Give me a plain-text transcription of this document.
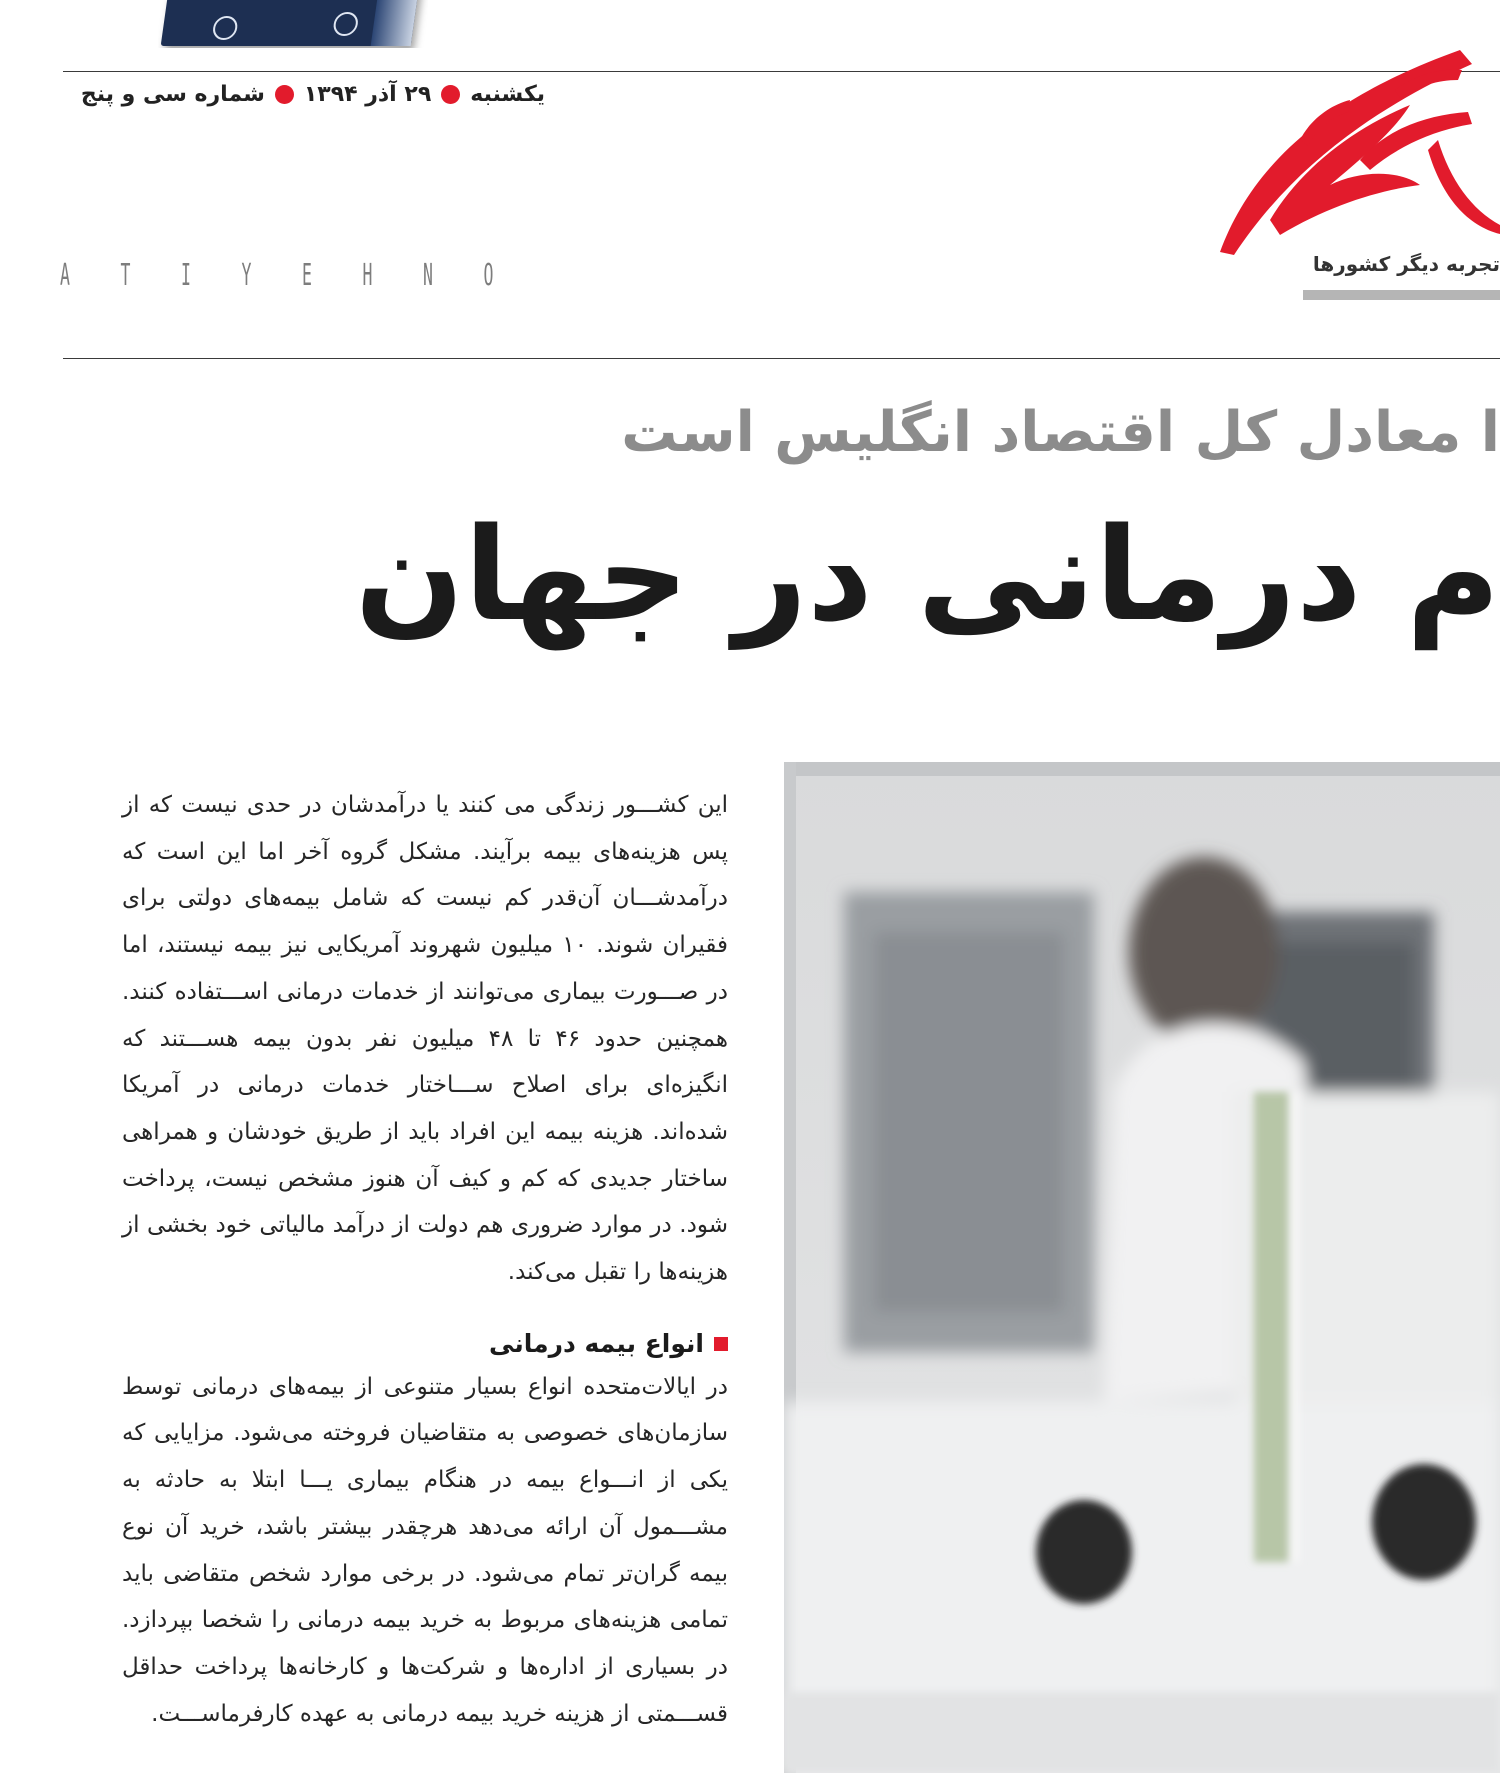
یکشنبه
۲۹ آذر ۱۳۹۴
شماره سی و پنج
تجربه دیگر کشورها
A	T	I	Y	E	H	N	O
ا معادل کل اقتصاد انگلیس است
م درمانی در جهان

این کشـــور زندگی می کنند یا درآمدشان در حدی نیست که از پس هزینه‌های بیمه برآیند. مشکل گروه آخر اما این است که درآمدشـــان آن‌قدر کم نیست که شامل بیمه‌های دولتی برای فقیران شوند. ۱۰ میلیون شهروند آمریکایی نیز بیمه نیستند، اما در صـــورت بیماری می‌توانند از خدمات درمانی اســـتفاده کنند. همچنین حدود ۴۶ تا ۴۸ میلیون نفر بدون بیمه هســـتند که انگیزه‌ای برای اصلاح ســـاختار خدمات درمانی در آمریکا شده‌اند. هزینه بیمه این افراد باید از طریق خودشان و همراهی ساختار جدیدی که کم و کیف آن هنوز مشخص نیست، پرداخت شود. در موارد ضروری هم دولت از درآمد مالیاتی خود بخشی از هزینه‌ها را تقبل می‌کند.

انواع بیمه درمانی

در ایالات‌متحده انواع بسیار متنوعی از بیمه‌های درمانی توسط سازمان‌های خصوصی به متقاضیان فروخته می‌شود. مزایایی که یکی از انـــواع بیمه در هنگام بیماری یـــا ابتلا به حادثه به مشـــمول آن ارائه می‌دهد هرچقدر بیشتر باشد، خرید آن نوع بیمه گران‌تر تمام می‌شود. در برخی موارد شخص متقاضی باید تمامی هزینه‌های مربوط به خرید بیمه درمانی را شخصا بپردازد. در بسیاری از اداره‌ها و شرکت‌ها و کارخانه‌ها پرداخت حداقل قســـمتی از هزینه خرید بیمه درمانی به عهده کارفرماســـت.
